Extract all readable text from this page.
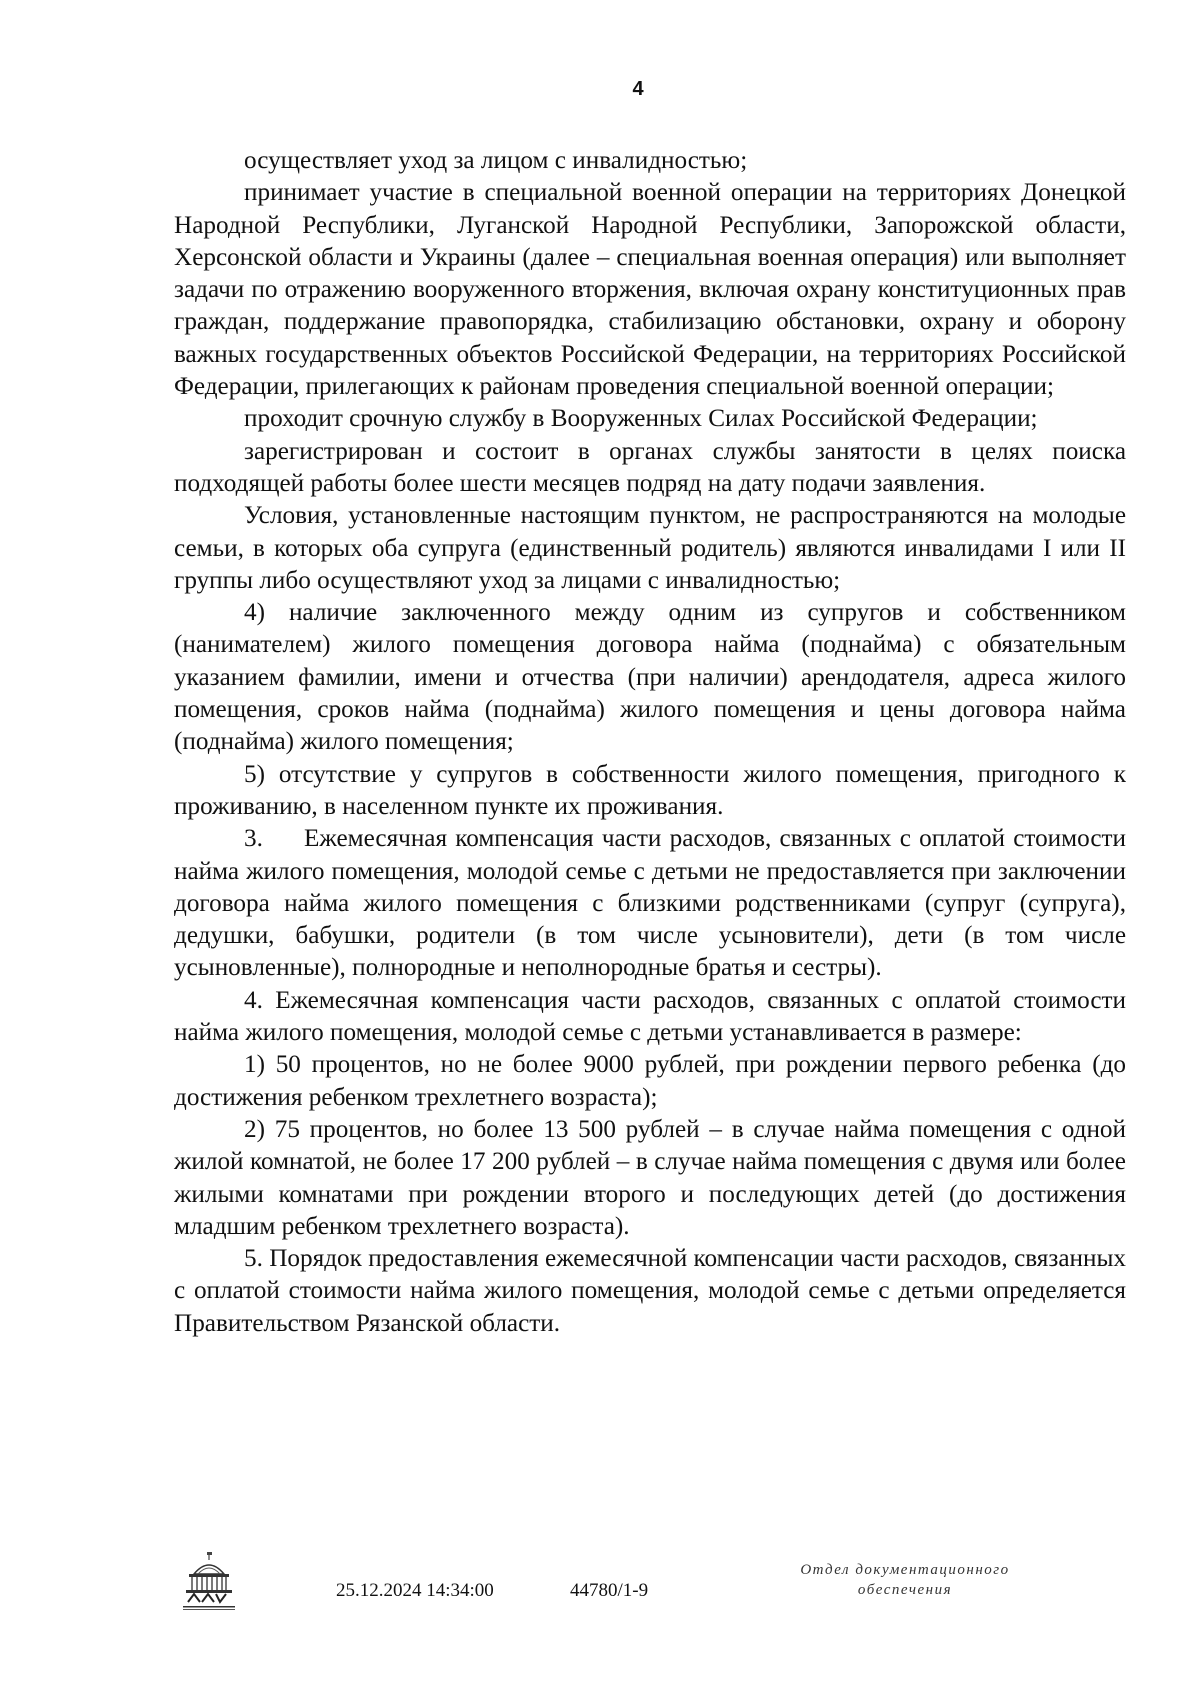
4

осуществляет уход за лицом с инвалидностью;

принимает участие в специальной военной операции на территориях Донецкой Народной Республики, Луганской Народной Республики, Запорожской области, Херсонской области и Украины (далее – специальная военная операция) или выполняет задачи по отражению вооруженного вторжения, включая охрану конституционных прав граждан, поддержание правопорядка, стабилизацию обстановки, охрану и оборону важных государственных объектов Российской Федерации, на территориях Российской Федерации, прилегающих к районам проведения специальной военной операции;

проходит срочную службу в Вооруженных Силах Российской Федерации;

зарегистрирован и состоит в органах службы занятости в целях поиска подходящей работы более шести месяцев подряд на дату подачи заявления.

Условия, установленные настоящим пунктом, не распространяются на молодые семьи, в которых оба супруга (единственный родитель) являются инвалидами I или II группы либо осуществляют уход за лицами с инвалидностью;

4) наличие заключенного между одним из супругов и собственником (нанимателем) жилого помещения договора найма (поднайма) с обязательным указанием фамилии, имени и отчества (при наличии) арендодателя, адреса жилого помещения, сроков найма (поднайма) жилого помещения и цены договора найма (поднайма) жилого помещения;

5) отсутствие у супругов в собственности жилого помещения, пригодного к проживанию, в населенном пункте их проживания.

3.     Ежемесячная компенсация части расходов, связанных с оплатой стоимости найма жилого помещения, молодой семье с детьми не предоставляется при заключении договора найма жилого помещения с близкими родственниками (супруг (супруга), дедушки, бабушки, родители (в том числе усыновители), дети (в том числе усыновленные), полнородные и неполнородные братья и сестры).

4. Ежемесячная компенсация части расходов, связанных с оплатой стоимости найма жилого помещения, молодой семье с детьми устанавливается в размере:

1) 50 процентов, но не более 9000 рублей, при рождении первого ребенка (до достижения ребенком трехлетнего возраста);

2) 75 процентов, но более 13 500 рублей – в случае найма помещения с одной жилой комнатой, не более 17 200 рублей – в случае найма помещения с двумя или более жилыми комнатами при рождении второго и последующих детей (до достижения младшим ребенком трехлетнего возраста).

5. Порядок предоставления ежемесячной компенсации части расходов, связанных с оплатой стоимости найма жилого помещения, молодой семье с детьми определяется Правительством Рязанской области.

25.12.2024 14:34:00	44780/1-9
Отдел документационного
обеспечения
